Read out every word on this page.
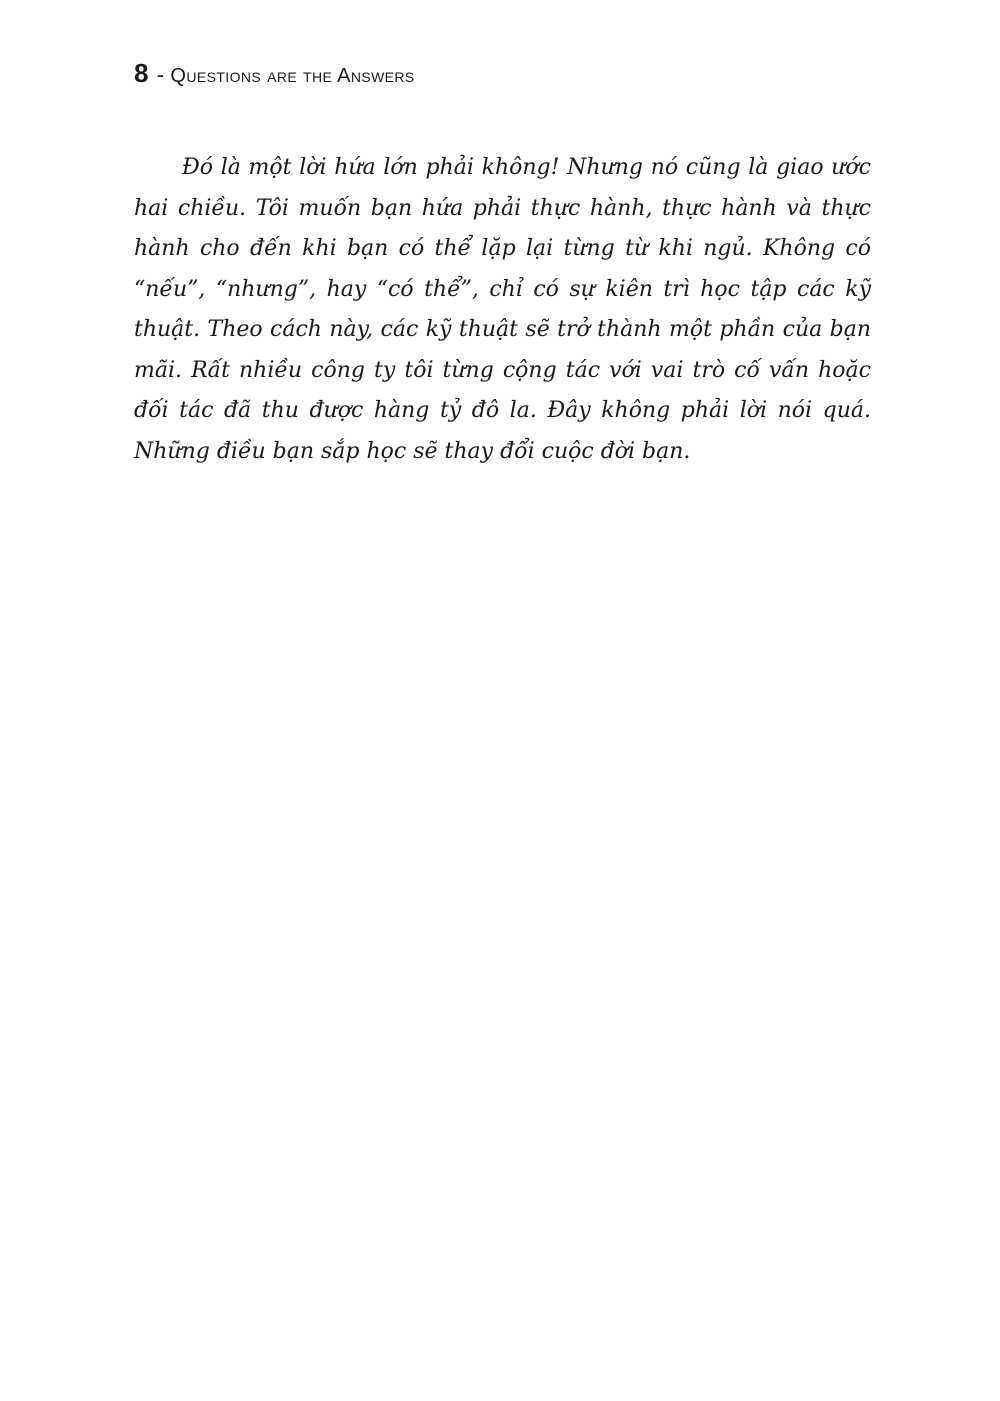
8 - Questions are the Answers

Đó là một lời hứa lớn phải không! Nhưng nó cũng là giao ước hai chiều. Tôi muốn bạn hứa phải thực hành, thực hành và thực hành cho đến khi bạn có thể lặp lại từng từ khi ngủ. Không có “nếu”, “nhưng”, hay “có thể”, chỉ có sự kiên trì học tập các kỹ thuật. Theo cách này, các kỹ thuật sẽ trở thành một phần của bạn mãi. Rất nhiều công ty tôi từng cộng tác với vai trò cố vấn hoặc đối tác đã thu được hàng tỷ đô la. Đây không phải lời nói quá. Những điều bạn sắp học sẽ thay đổi cuộc đời bạn.
